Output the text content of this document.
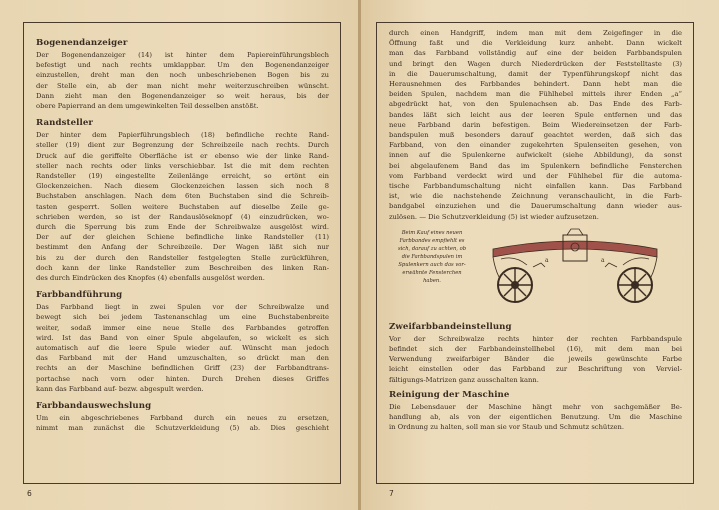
Bogenendanzeiger
Der Bogenendanzeiger (14) ist hinter dem Papiereinführungsblech
befestigt und nach rechts umklappbar. Um den Bogenendanzeiger
einzustellen, dreht man den noch unbeschriebenen Bogen bis zu
der Stelle ein, ab der man nicht mehr weiterzuschreiben wünscht.
Dann zieht man den Bogenendanzeiger so weit heraus, bis der
obere Papierrand an dem umgewinkelten Teil desselben anstößt.
Randsteller
Der hinter dem Papierführungsblech (18) befindliche rechte Rand-
steller (19) dient zur Begrenzung der Schreibzeile nach rechts. Durch
Druck auf die geriffelte Oberfläche ist er ebenso wie der linke Rand-
steller nach rechts oder links verschiebbar. Ist die mit dem rechten
Randsteller (19) eingestellte Zeilenlänge erreicht, so ertönt ein
Glockenzeichen. Nach diesem Glockenzeichen lassen sich noch 8
Buchstaben anschlagen. Nach dem 6ten Buchstaben sind die Schreib-
tasten gesperrt. Sollen weitere Buchstaben auf dieselbe Zeile ge-
schrieben werden, so ist der Randauslöseknopf (4) einzudrücken, wo-
durch die Sperrung bis zum Ende der Schreibwalze ausgelöst wird.
Der auf der gleichen Schiene befindliche linke Randsteller (11)
bestimmt den Anfang der Schreibzeile. Der Wagen läßt sich nur
bis zu der durch den Randsteller festgelegten Stelle zurückführen,
doch kann der linke Randsteller zum Beschreiben des linken Ran-
des durch Eindrücken des Knopfes (4) ebenfalls ausgelöst werden.
Farbbandführung
Das Farbband liegt in zwei Spulen vor der Schreibwalze und
bewegt sich bei jedem Tastenanschlag um eine Buchstabenbreite
weiter, sodaß immer eine neue Stelle des Farbbandes getroffen
wird. Ist das Band von einer Spule abgelaufen, so wickelt es sich
automatisch auf die leere Spule wieder auf. Wünscht man jedoch
das Farbband mit der Hand umzuschalten, so drückt man den
rechts an der Maschine befindlichen Griff (23) der Farbbandtrans-
portachse nach vorn oder hinten. Durch Drehen dieses Griffes
kann das Farbband auf- bezw. abgespult werden.
Farbbandauswechslung
Um ein abgeschriebenes Farbband durch ein neues zu ersetzen,
nimmt man zunächst die Schutzverkleidung (5) ab. Dies geschieht
6
durch einen Handgriff, indem man mit dem Zeigefinger in die
Öffnung faßt und die Verkleidung kurz anhebt. Dann wickelt
man das Farbband vollständig auf eine der beiden Farbbandspulen
und bringt den Wagen durch Niederdrücken der Feststelltaste (3)
in die Dauerumschaltung, damit der Typenführungskopf nicht das
Herausnehmen des Farbbandes behindert. Dann hebt man die
beiden Spulen, nachdem man die Fühlhebel mittels ihrer Enden „a“
abgedrückt hat, von den Spulenachsen ab. Das Ende des Farb-
bandes läßt sich leicht aus der leeren Spule entfernen und das
neue Farbband darin befestigen. Beim Wiedereinsetzen der Farb-
bandspulen muß besonders darauf geachtet werden, daß sich das
Farbband, von den einander zugekehrten Spulenseiten gesehen, von
innen auf die Spulenkerne aufwickelt (siehe Abbildung), da sonst
bei abgelaufenem Band das im Spulenkern befindliche Fensterchen
vom Farbband verdeckt wird und der Fühlhebel für die automa-
tische Farbbandumschaltung nicht einfallen kann. Das Farbband
ist, wie die nachstehende Zeichnung veranschaulicht, in die Farb-
bandgabel einzuziehen und die Dauerumschaltung dann wieder aus-
zulösen. — Die Schutzverkleidung (5) ist wieder aufzusetzen.
Beim Kauf eines neuen
Farbbandes empfiehlt es
sich, darauf zu achten, ob
die Farbbandspulen im
Spulenkern auch das vor-
erwähnte Fensterchen
haben.
a	a
Zweifarbbandeinstellung
Vor der Schreibwalze rechts hinter der rechten Farbbandspule
befindet sich der Farbbandeinstellhebel (16), mit dem man bei
Verwendung zweifarbiger Bänder die jeweils gewünschte Farbe
leicht einstellen oder das Farbband zur Beschriftung von Verviel-
fältigungs-Matrizen ganz ausschalten kann.
Reinigung der Maschine
Die Lebensdauer der Maschine hängt mehr von sachgemäßer Be-
handlung ab, als von der eigentlichen Benutzung. Um die Maschine
in Ordnung zu halten, soll man sie vor Staub und Schmutz schützen.
7
